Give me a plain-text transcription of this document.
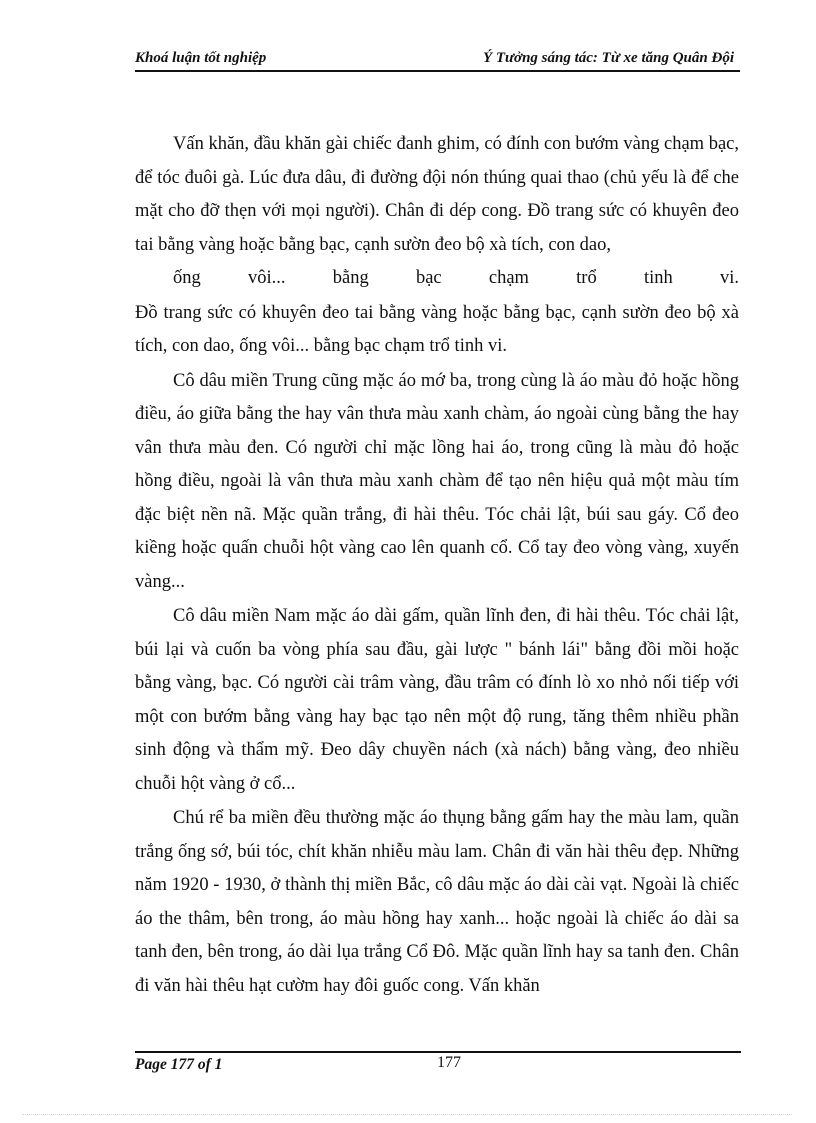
Khoá luận tốt nghiệp	Ý Tưởng sáng tác: Từ xe tăng Quân Đội

Vấn khăn, đầu khăn gài chiếc đanh ghim, có đính con bướm vàng chạm bạc, để tóc đuôi gà. Lúc đưa dâu, đi đường đội nón thúng quai thao (chủ yếu là để che mặt cho đỡ thẹn với mọi người). Chân đi dép cong. Đồ trang sức có khuyên đeo tai bằng vàng hoặc bằng bạc, cạnh sườn đeo bộ xà tích, con dao,
ống vôi... bằng bạc chạm trổ tinh vi.

Đồ trang sức có khuyên đeo tai bằng vàng hoặc bằng bạc, cạnh sườn đeo bộ xà tích, con dao, ống vôi... bằng bạc chạm trổ tinh vi.

Cô dâu miền Trung cũng mặc áo mớ ba, trong cùng là áo màu đỏ hoặc hồng điều, áo giữa bằng the hay vân thưa màu xanh chàm, áo ngoài cùng bằng the hay vân thưa màu đen. Có người chỉ mặc lồng hai áo, trong cũng là màu đỏ hoặc hồng điều, ngoài là vân thưa màu xanh chàm để tạo nên hiệu quả một màu tím đặc biệt nền nã. Mặc quần trắng, đi hài thêu. Tóc chải lật, búi sau gáy. Cổ đeo kiềng hoặc quấn chuỗi hột vàng cao lên quanh cổ. Cổ tay đeo vòng vàng, xuyến vàng...

Cô dâu miền Nam mặc áo dài gấm, quần lĩnh đen, đi hài thêu. Tóc chải lật, búi lại và cuốn ba vòng phía sau đầu, gài lược " bánh lái" bằng đồi mồi hoặc bằng vàng, bạc. Có người cài trâm vàng, đầu trâm có đính lò xo nhỏ nối tiếp với một con bướm bằng vàng hay bạc tạo nên một độ rung, tăng thêm nhiều phần sinh động và thẩm mỹ. Đeo dây chuyền nách (xà nách) bằng vàng, đeo nhiều chuỗi hột vàng ở cổ...

Chú rể ba miền đều thường mặc áo thụng bằng gấm hay the màu lam, quần trắng ống sớ, búi tóc, chít khăn nhiễu màu lam. Chân đi văn hài thêu đẹp. Những năm 1920 - 1930, ở thành thị miền Bắc, cô dâu mặc áo dài cài vạt. Ngoài là chiếc áo the thâm, bên trong, áo màu hồng hay xanh... hoặc ngoài là chiếc áo dài sa tanh đen, bên trong, áo dài lụa trắng Cổ Đô. Mặc quần lĩnh hay sa tanh đen. Chân đi văn hài thêu hạt cườm hay đôi guốc cong. Vấn khăn

Page 177 of 1	177
